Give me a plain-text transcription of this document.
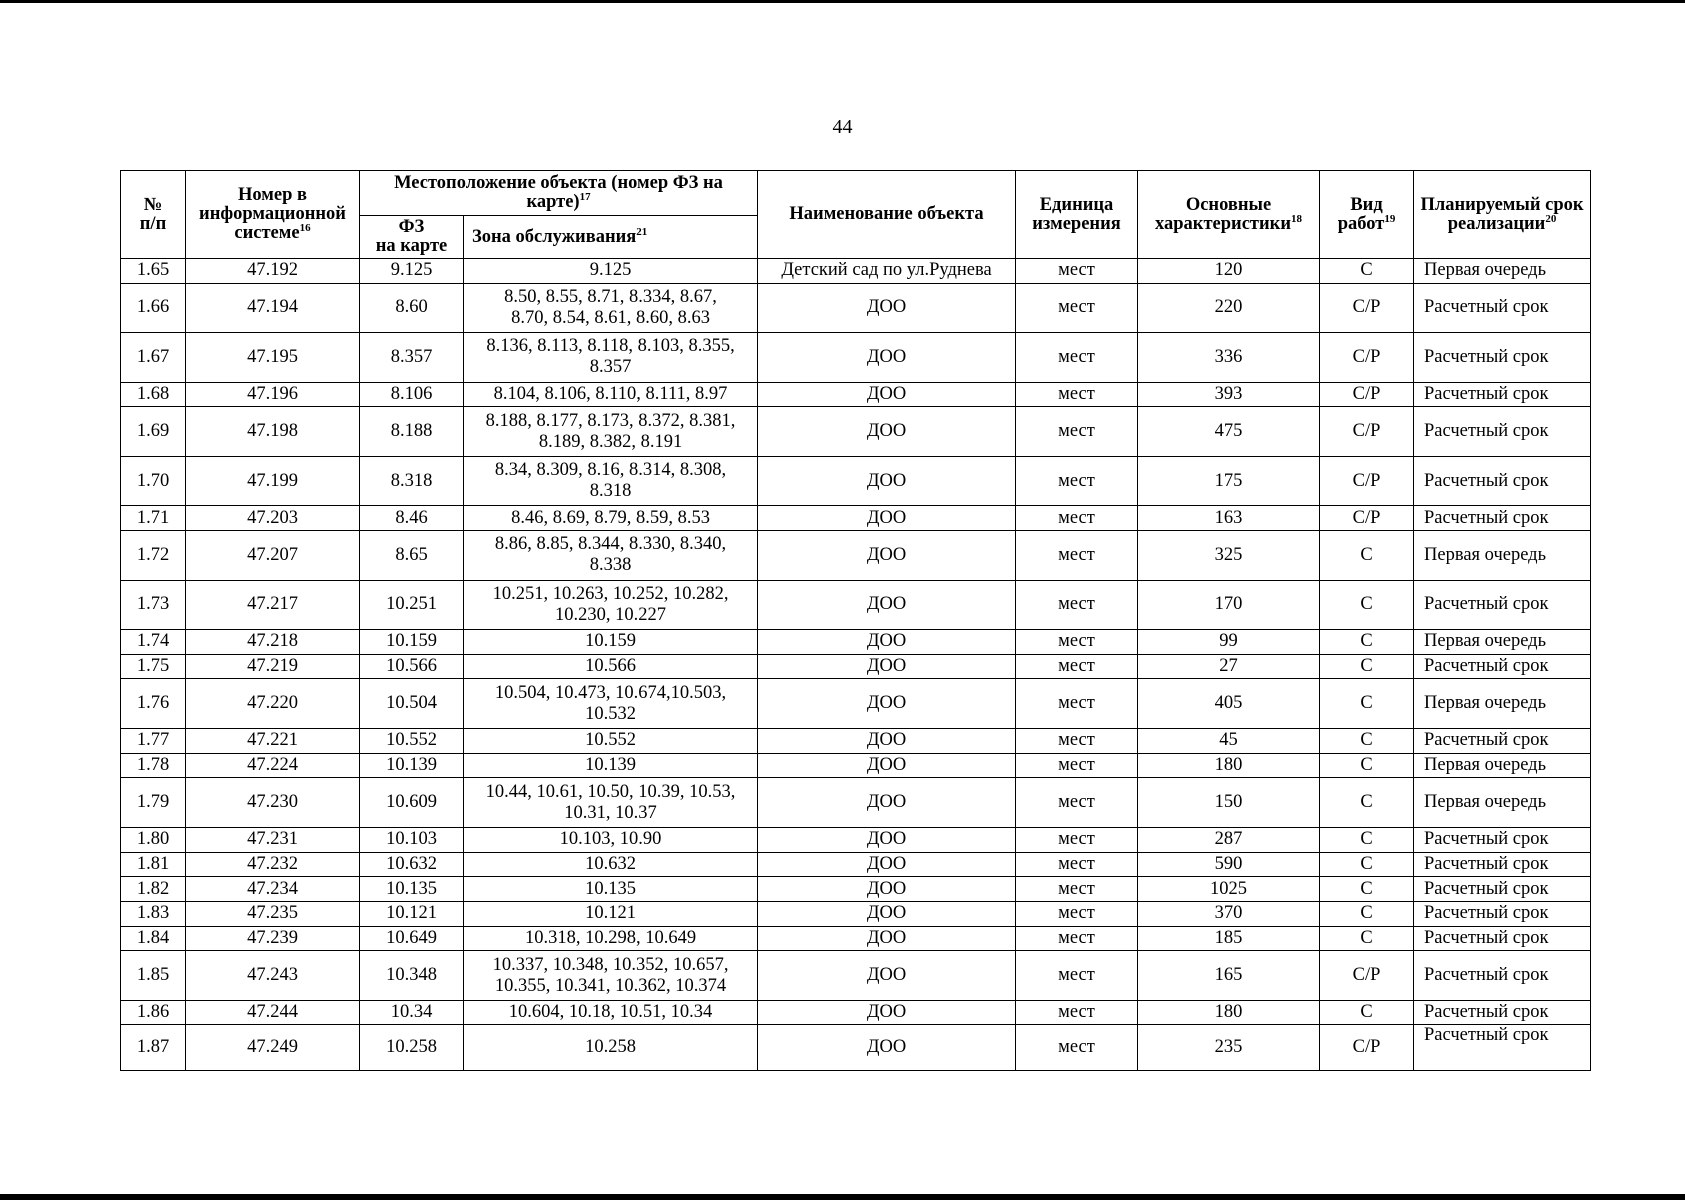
44
№
п/п	Номер в информационной системе$^{16}$	Местоположение объекта (номер ФЗ на карте)$^{17}$		Наименование объекта	Единица измерения	Основные характеристики$^{18}$	Вид работ$^{19}$	Планируемый срок реализации$^{20}$
		ФЗ
на карте	Зона обслуживания$^{21}$
1.65	47.192	9.125	9.125	Детский сад по ул.Руднева	мест	120	С	Первая очередь
1.66	47.194	8.60	8.50, 8.55, 8.71, 8.334, 8.67,
8.70, 8.54, 8.61, 8.60, 8.63	ДОО	мест	220	С/Р	Расчетный срок
1.67	47.195	8.357	8.136, 8.113, 8.118, 8.103, 8.355,
8.357	ДОО	мест	336	С/Р	Расчетный срок
1.68	47.196	8.106	8.104, 8.106, 8.110, 8.111, 8.97	ДОО	мест	393	С/Р	Расчетный срок
1.69	47.198	8.188	8.188, 8.177, 8.173, 8.372, 8.381,
8.189, 8.382, 8.191	ДОО	мест	475	С/Р	Расчетный срок
1.70	47.199	8.318	8.34, 8.309, 8.16, 8.314, 8.308,
8.318	ДОО	мест	175	С/Р	Расчетный срок
1.71	47.203	8.46	8.46, 8.69, 8.79, 8.59, 8.53	ДОО	мест	163	С/Р	Расчетный срок
1.72	47.207	8.65	8.86, 8.85, 8.344, 8.330, 8.340,
8.338	ДОО	мест	325	С	Первая очередь
1.73	47.217	10.251	10.251, 10.263, 10.252, 10.282,
10.230, 10.227	ДОО	мест	170	С	Расчетный срок
1.74	47.218	10.159	10.159	ДОО	мест	99	С	Первая очередь
1.75	47.219	10.566	10.566	ДОО	мест	27	С	Расчетный срок
1.76	47.220	10.504	10.504, 10.473, 10.674,10.503,
10.532	ДОО	мест	405	С	Первая очередь
1.77	47.221	10.552	10.552	ДОО	мест	45	С	Расчетный срок
1.78	47.224	10.139	10.139	ДОО	мест	180	С	Первая очередь
1.79	47.230	10.609	10.44, 10.61, 10.50, 10.39, 10.53,
10.31, 10.37	ДОО	мест	150	С	Первая очередь
1.80	47.231	10.103	10.103, 10.90	ДОО	мест	287	С	Расчетный срок
1.81	47.232	10.632	10.632	ДОО	мест	590	С	Расчетный срок
1.82	47.234	10.135	10.135	ДОО	мест	1025	С	Расчетный срок
1.83	47.235	10.121	10.121	ДОО	мест	370	С	Расчетный срок
1.84	47.239	10.649	10.318, 10.298, 10.649	ДОО	мест	185	С	Расчетный срок
1.85	47.243	10.348	10.337, 10.348, 10.352, 10.657,
10.355, 10.341, 10.362, 10.374	ДОО	мест	165	С/Р	Расчетный срок
1.86	47.244	10.34	10.604, 10.18, 10.51, 10.34	ДОО	мест	180	С	Расчетный срок
1.87	47.249	10.258	10.258	ДОО	мест	235	С/Р	Расчетный срок
